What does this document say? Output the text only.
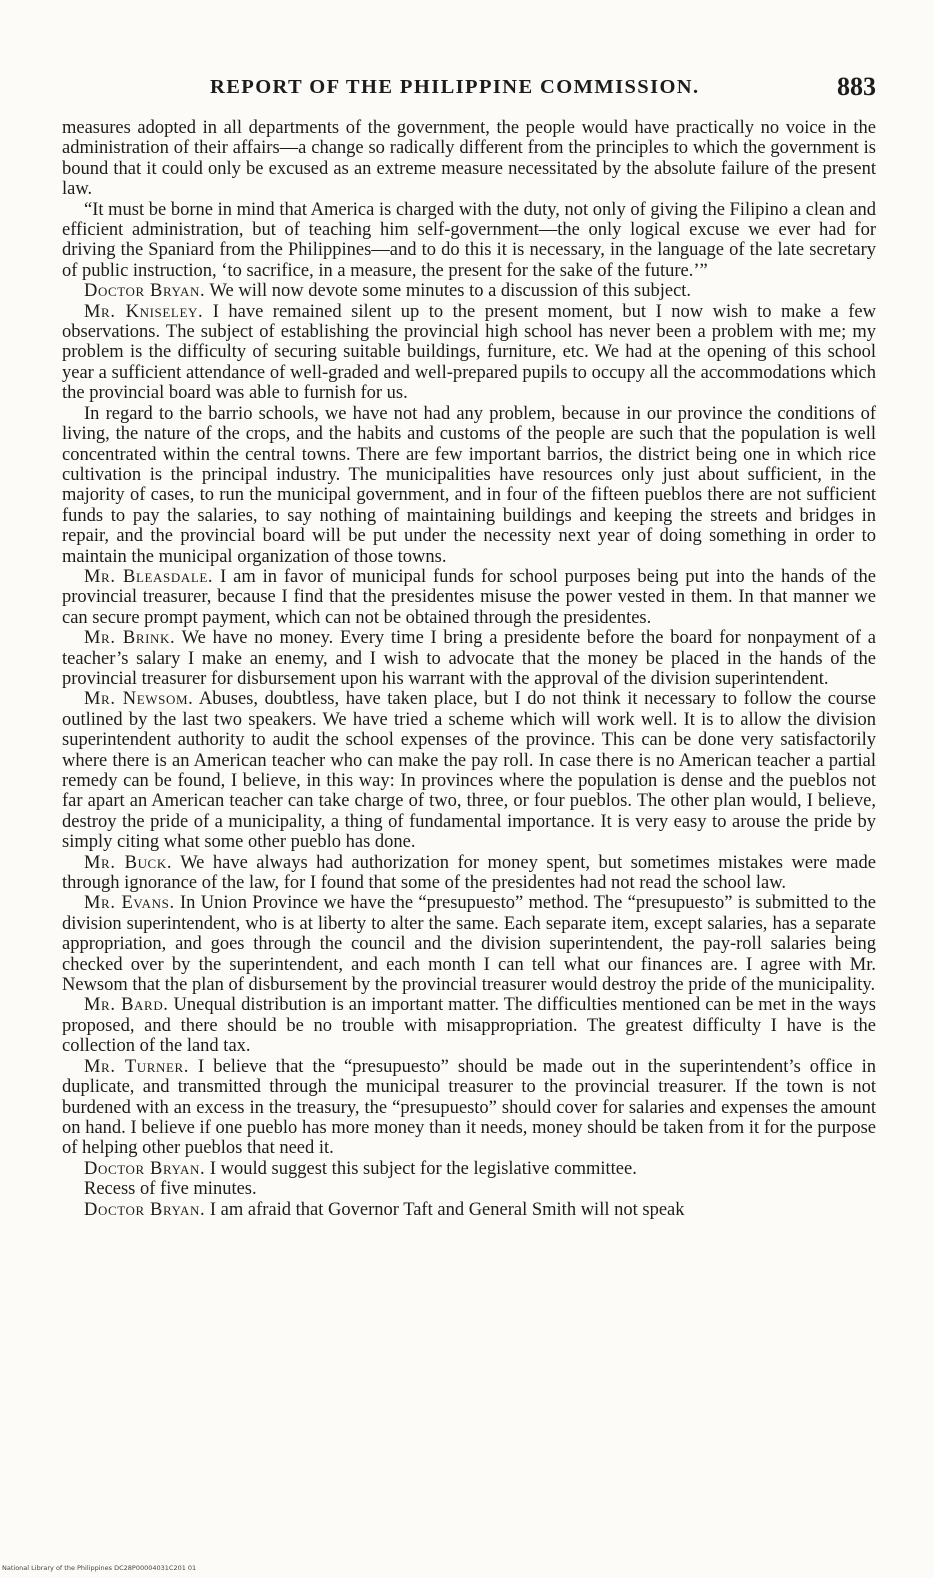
REPORT OF THE PHILIPPINE COMMISSION.	883

measures adopted in all departments of the government, the people would have practically no voice in the administration of their affairs—a change so radically different from the principles to which the government is bound that it could only be excused as an extreme measure necessitated by the absolute failure of the present law.

“It must be borne in mind that America is charged with the duty, not only of giving the Filipino a clean and efficient administration, but of teaching him self-government—the only logical excuse we ever had for driving the Spaniard from the Philippines—and to do this it is necessary, in the language of the late secretary of public instruction, ‘to sacrifice, in a measure, the present for the sake of the future.’”

Doctor Bryan. We will now devote some minutes to a discussion of this subject.

Mr. Kniseley. I have remained silent up to the present moment, but I now wish to make a few observations. The subject of establishing the provincial high school has never been a problem with me; my problem is the difficulty of securing suitable buildings, furniture, etc. We had at the opening of this school year a sufficient attendance of well-graded and well-prepared pupils to occupy all the accommodations which the provincial board was able to furnish for us.

In regard to the barrio schools, we have not had any problem, because in our province the conditions of living, the nature of the crops, and the habits and customs of the people are such that the population is well concentrated within the central towns. There are few important barrios, the district being one in which rice cultivation is the principal industry. The municipalities have resources only just about sufficient, in the majority of cases, to run the municipal government, and in four of the fifteen pueblos there are not sufficient funds to pay the salaries, to say nothing of maintaining buildings and keeping the streets and bridges in repair, and the provincial board will be put under the necessity next year of doing something in order to maintain the municipal organization of those towns.

Mr. Bleasdale. I am in favor of municipal funds for school purposes being put into the hands of the provincial treasurer, because I find that the presidentes misuse the power vested in them. In that manner we can secure prompt payment, which can not be obtained through the presidentes.

Mr. Brink. We have no money. Every time I bring a presidente before the board for nonpayment of a teacher’s salary I make an enemy, and I wish to advocate that the money be placed in the hands of the provincial treasurer for disbursement upon his warrant with the approval of the division superintendent.

Mr. Newsom. Abuses, doubtless, have taken place, but I do not think it necessary to follow the course outlined by the last two speakers. We have tried a scheme which will work well. It is to allow the division superintendent authority to audit the school expenses of the province. This can be done very satisfactorily where there is an American teacher who can make the pay roll. In case there is no American teacher a partial remedy can be found, I believe, in this way: In provinces where the population is dense and the pueblos not far apart an American teacher can take charge of two, three, or four pueblos. The other plan would, I believe, destroy the pride of a municipality, a thing of fundamental importance. It is very easy to arouse the pride by simply citing what some other pueblo has done.

Mr. Buck. We have always had authorization for money spent, but sometimes mistakes were made through ignorance of the law, for I found that some of the presidentes had not read the school law.

Mr. Evans. In Union Province we have the “presupuesto” method. The “presupuesto” is submitted to the division superintendent, who is at liberty to alter the same. Each separate item, except salaries, has a separate appropriation, and goes through the council and the division superintendent, the pay-roll salaries being checked over by the superintendent, and each month I can tell what our finances are. I agree with Mr. Newsom that the plan of disbursement by the provincial treasurer would destroy the pride of the municipality.

Mr. Bard. Unequal distribution is an important matter. The difficulties mentioned can be met in the ways proposed, and there should be no trouble with misappropriation. The greatest difficulty I have is the collection of the land tax.

Mr. Turner. I believe that the “presupuesto” should be made out in the superintendent’s office in duplicate, and transmitted through the municipal treasurer to the provincial treasurer. If the town is not burdened with an excess in the treasury, the “presupuesto” should cover for salaries and expenses the amount on hand. I believe if one pueblo has more money than it needs, money should be taken from it for the purpose of helping other pueblos that need it.

Doctor Bryan. I would suggest this subject for the legislative committee.

Recess of five minutes.

Doctor Bryan. I am afraid that Governor Taft and General Smith will not speak

National Library of the Philippines DC28P00004031C201 01
